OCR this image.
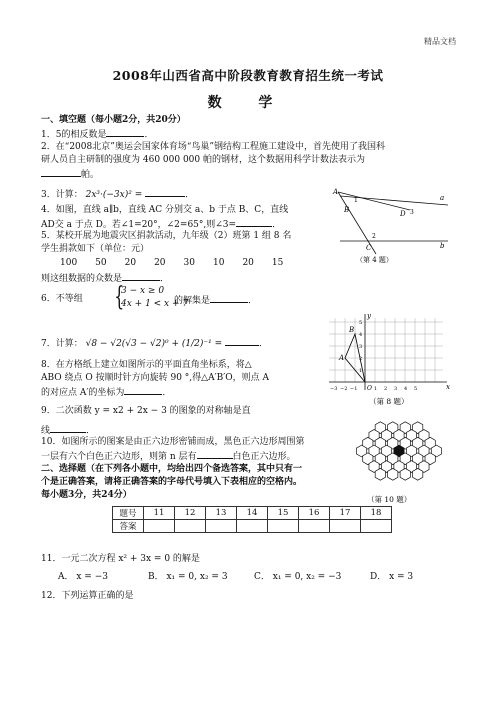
精品文档
2008年山西省高中阶段教育教育招生统一考试
数 学
一、填空题（每小题2分，共20分）
1．5的相反数是	．
2．在“2008北京”奥运会国家体育场“鸟巢”钢结构工程施工建设中，首先使用了我国科
研人员自主研制的强度为 460 000 000 帕的钢材，这个数据用科学计数法表示为
帕。
3．计算： 2x³·(−3x)² =	．
4．如图，直线 a∥b，直线 AC 分别交 a、b 于点 B、C，直线
AD交 a 于点 D。若∠1=20°，∠2=65°,则∠3=	．
5．某校开展为地震灾区捐款活动，九年级（2）班第 1 组 8 名
学生捐款如下（单位：元）
100　　50　　20　　20　　30　　10　　20　　15
则这组数据的众数是	．
6．不等组 {
3 − x ≥ 0
4x + 1 < x + 7
的解集是	．
7．计算： √8 − √2(√3 − √2)⁰ + (1/2)⁻¹ =	．
8．在方格纸上建立如图所示的平面直角坐标系，将△
ABO 绕点 O 按顺时针方向旋转 90 °,得△A′B′O，则点 A
的对应点 A′的坐标为	．
9．二次函数 y = x2 + 2x − 3 的图象的对称轴是直
线	．
10．如图所示的图案是由正六边形密铺而成，黑色正六边形周围第
一层有六个白色正六边形，则第 n 层有	白色正六边形。
二、选择题（在下列各小题中，均给出四个备选答案，其中只有一
个是正确答案，请将正确答案的字母代号填入下表相应的空格内。
每小题3分，共24分）
题号	11	12	13	14	15	16	17	18
答案								
11．一元二次方程 x² + 3x = 0 的解是
A． x = −3	B． x₁ = 0, x₂ = 3	C． x₁ = 0, x₂ = −3	D． x = 3
12．下列运算正确的是
A
B
C
D
a
b
1
3
2
（第 4 题）
A
B
O	x
y
−3 −2 −1	1 2 3 4 5
1
2
3
4
5
（第 8 题）
（第 10 题）
